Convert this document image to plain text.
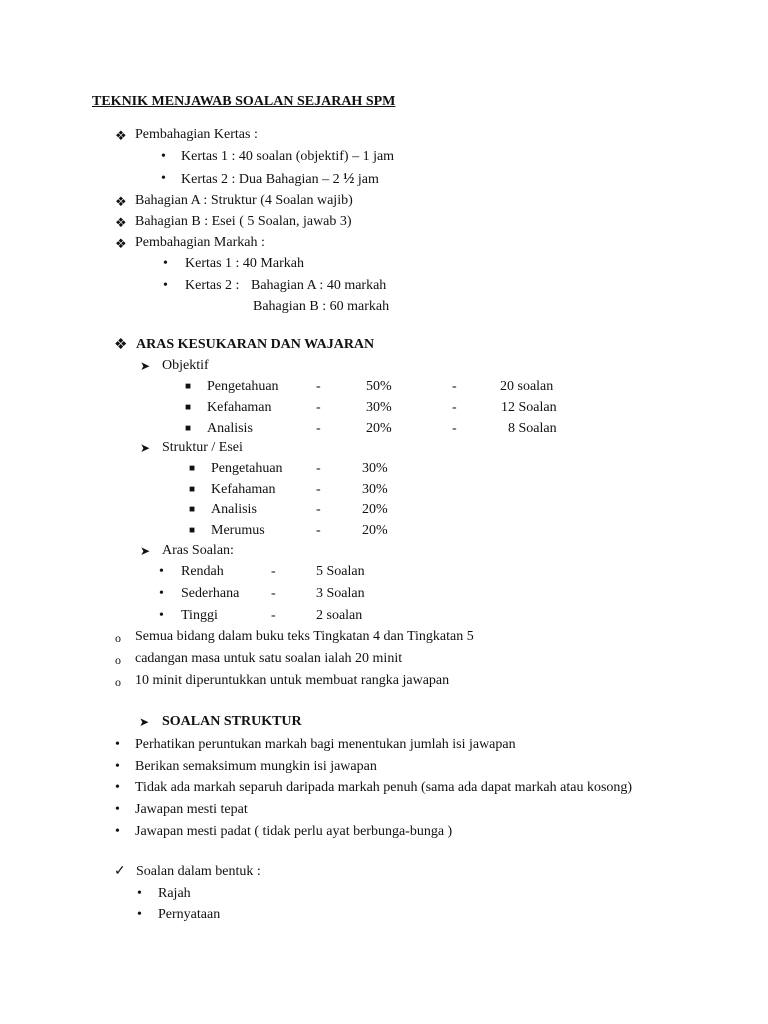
TEKNIK MENJAWAB SOALAN SEJARAH SPM
❖ Pembahagian Kertas :
• Kertas 1 : 40 soalan (objektif) – 1 jam
• Kertas 2 : Dua Bahagian – 2 ½ jam
❖ Bahagian A : Struktur (4 Soalan wajib)
❖ Bahagian B : Esei ( 5 Soalan, jawab 3)
❖ Pembahagian Markah :
• Kertas 1 : 40 Markah
• Kertas 2 : Bahagian A : 40 markah
Bahagian B : 60 markah
❖ ARAS KESUKARAN DAN WAJARAN
➤ Objektif
■ Pengetahuan	-	50%	-	20 soalan
■ Kefahaman	-	30%	-	12 Soalan
■ Analisis	-	20%	-	8 Soalan
➤ Struktur / Esei
■ Pengetahuan -	30%
■ Kefahaman	-	30%
■ Analisis	-	20%
■ Merumus	-	20%
➤ Aras Soalan:
• Rendah	-	5 Soalan
• Sederhana -	3 Soalan
• Tinggi	-	2 soalan
o Semua bidang dalam buku teks Tingkatan 4 dan Tingkatan 5
o cadangan masa untuk satu soalan ialah 20 minit
o 10 minit diperuntukkan untuk membuat rangka jawapan
➤ SOALAN STRUKTUR
• Perhatikan peruntukan markah bagi menentukan jumlah isi jawapan
• Berikan semaksimum mungkin isi jawapan
• Tidak ada markah separuh daripada markah penuh (sama ada dapat markah atau kosong)
• Jawapan mesti tepat
• Jawapan mesti padat ( tidak perlu ayat berbunga-bunga )
✓ Soalan dalam bentuk :
• Rajah
• Pernyataan
